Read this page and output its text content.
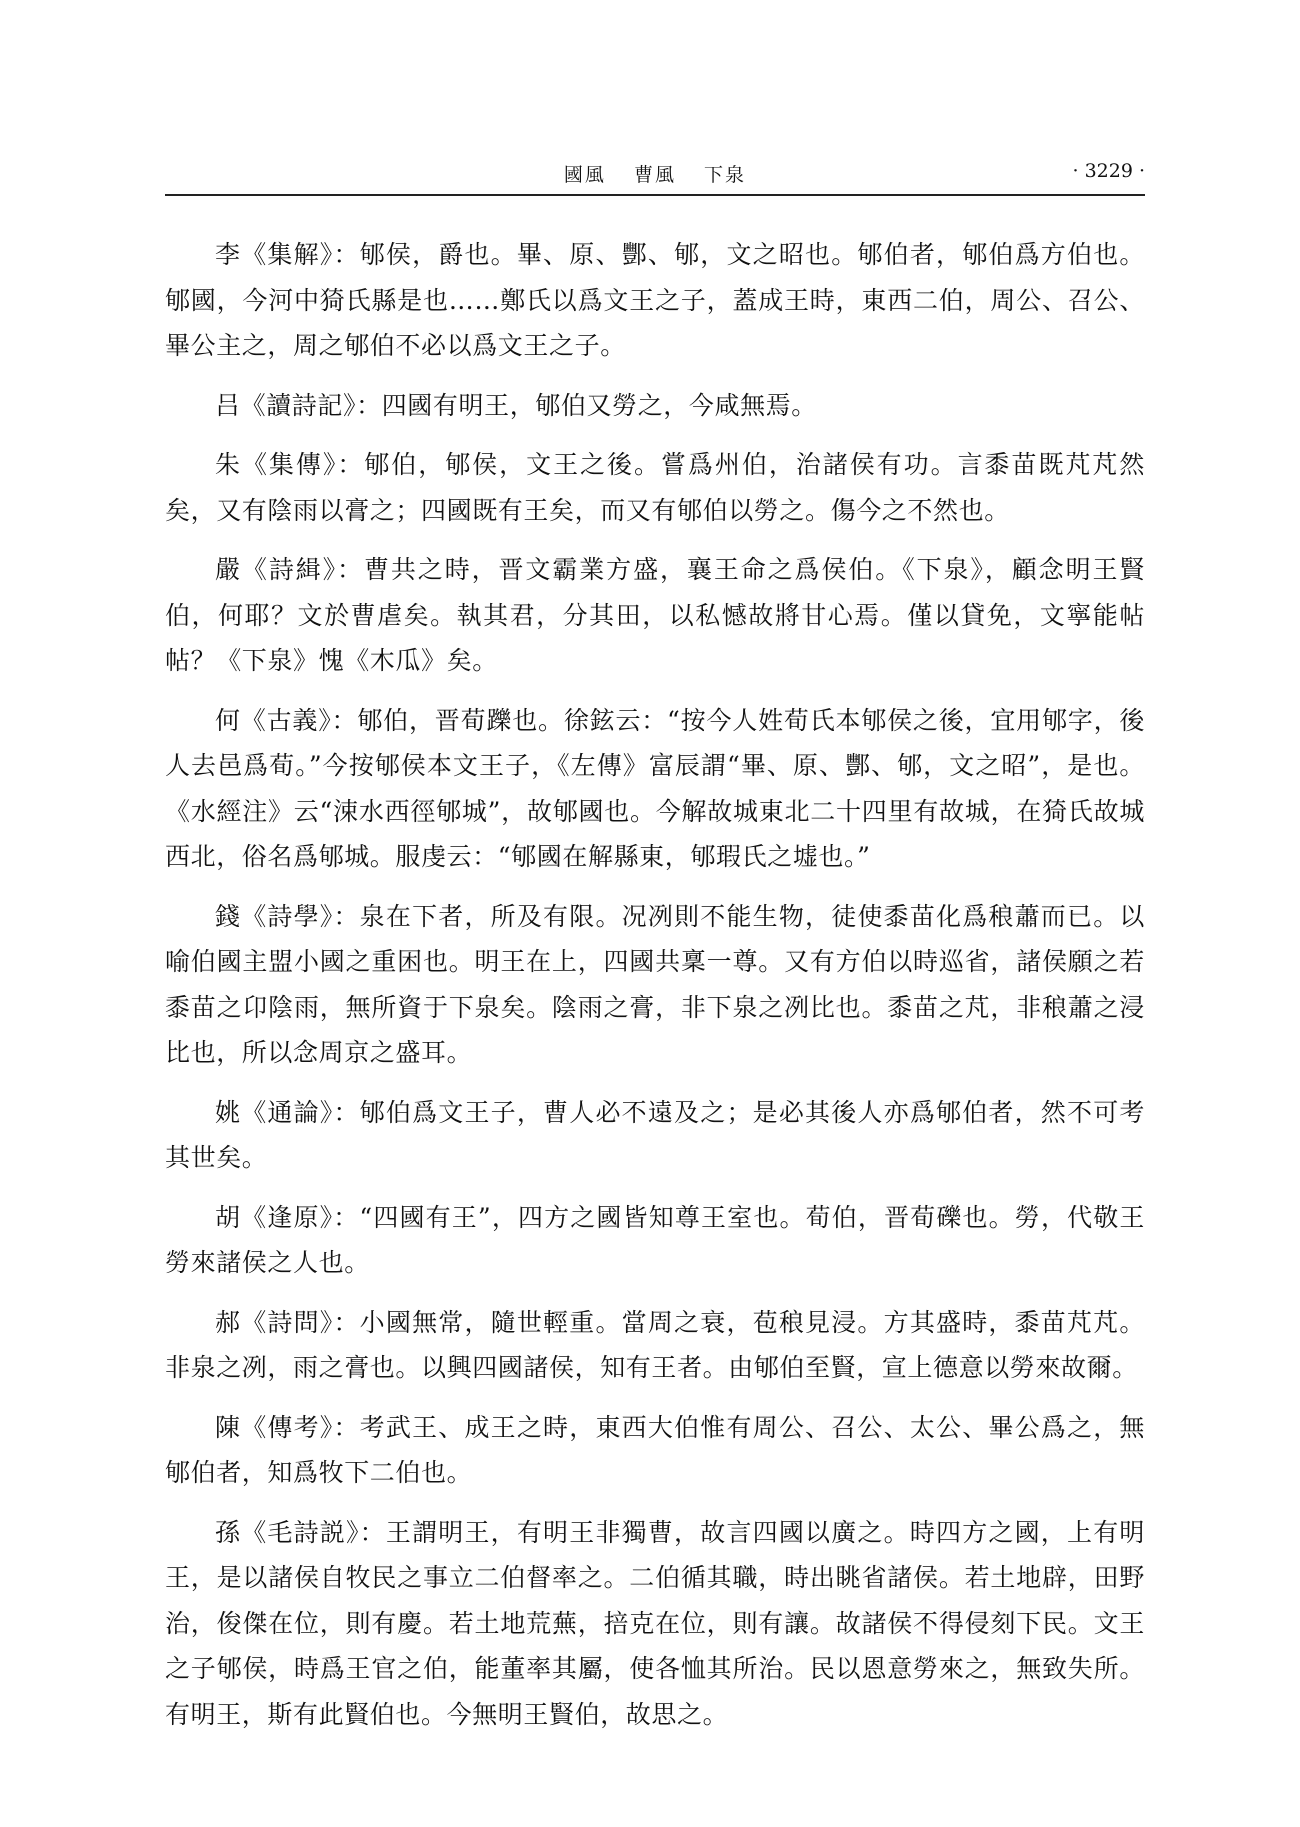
國風 曹風 下泉	· 3229 ·

李《集解》：郇侯，爵也。畢、原、酆、郇，文之昭也。郇伯者，郇伯爲方伯也。郇國，今河中猗氏縣是也……鄭氏以爲文王之子，蓋成王時，東西二伯，周公、召公、畢公主之，周之郇伯不必以爲文王之子。

吕《讀詩記》：四國有明王，郇伯又勞之，今咸無焉。

朱《集傳》：郇伯，郇侯，文王之後。嘗爲州伯，治諸侯有功。言黍苗既芃芃然矣，又有陰雨以膏之；四國既有王矣，而又有郇伯以勞之。傷今之不然也。

嚴《詩緝》：曹共之時，晋文霸業方盛，襄王命之爲侯伯。《下泉》，顧念明王賢伯，何耶？文於曹虐矣。執其君，分其田，以私憾故將甘心焉。僅以貸免，文寧能帖帖？《下泉》愧《木瓜》矣。

何《古義》：郇伯，晋荀躒也。徐鉉云：“按今人姓荀氏本郇侯之後，宜用郇字，後人去邑爲荀。”今按郇侯本文王子，《左傳》富辰謂“畢、原、酆、郇，文之昭”，是也。《水經注》云“涑水西徑郇城”，故郇國也。今解故城東北二十四里有故城，在猗氏故城西北，俗名爲郇城。服虔云：“郇國在解縣東，郇瑕氏之墟也。”

錢《詩學》：泉在下者，所及有限。况冽則不能生物，徒使黍苗化爲稂蕭而已。以喻伯國主盟小國之重困也。明王在上，四國共稟一尊。又有方伯以時巡省，諸侯願之若黍苗之卬陰雨，無所資于下泉矣。陰雨之膏，非下泉之冽比也。黍苗之芃，非稂蕭之浸比也，所以念周京之盛耳。

姚《通論》：郇伯爲文王子，曹人必不遠及之；是必其後人亦爲郇伯者，然不可考其世矣。

胡《逢原》：“四國有王”，四方之國皆知尊王室也。荀伯，晋荀礫也。勞，代敬王勞來諸侯之人也。

郝《詩問》：小國無常，隨世輕重。當周之衰，苞稂見浸。方其盛時，黍苗芃芃。非泉之冽，雨之膏也。以興四國諸侯，知有王者。由郇伯至賢，宣上德意以勞來故爾。

陳《傳考》：考武王、成王之時，東西大伯惟有周公、召公、太公、畢公爲之，無郇伯者，知爲牧下二伯也。

孫《毛詩説》：王謂明王，有明王非獨曹，故言四國以廣之。時四方之國，上有明王，是以諸侯自牧民之事立二伯督率之。二伯循其職，時出眺省諸侯。若土地辟，田野治，俊傑在位，則有慶。若土地荒蕪，掊克在位，則有讓。故諸侯不得侵刻下民。文王之子郇侯，時爲王官之伯，能董率其屬，使各恤其所治。民以恩意勞來之，無致失所。有明王，斯有此賢伯也。今無明王賢伯，故思之。
